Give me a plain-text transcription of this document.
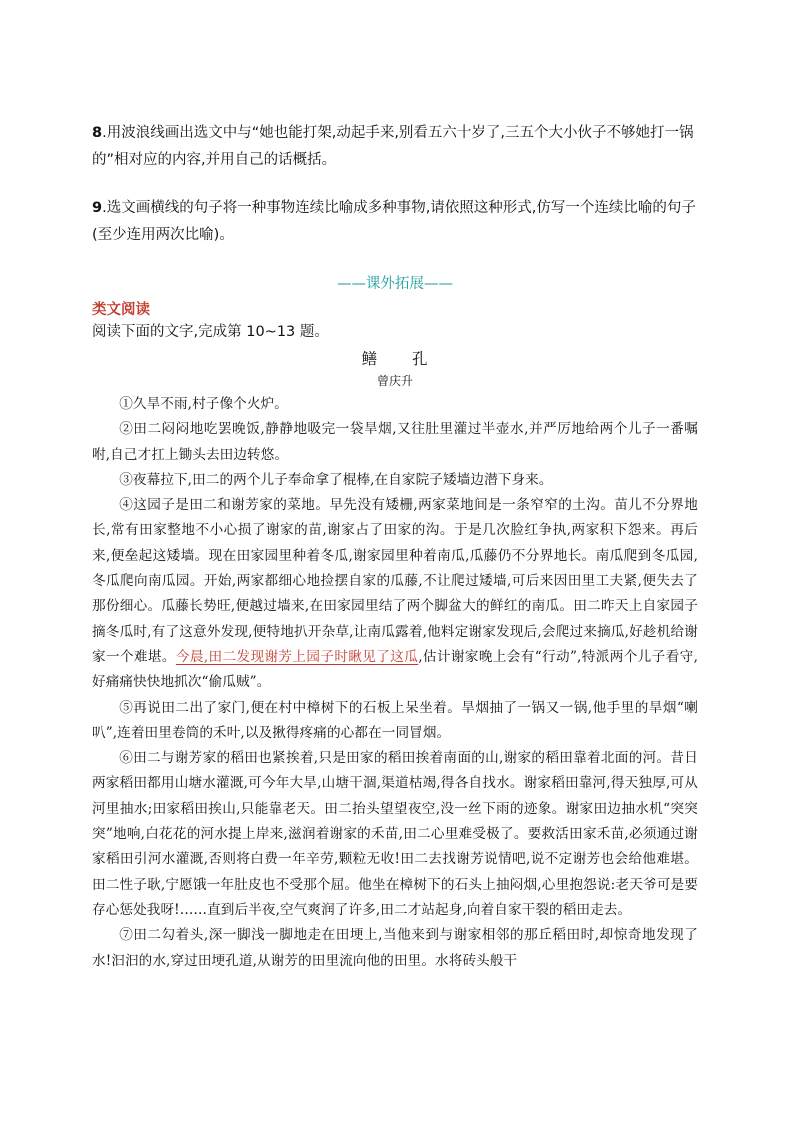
8.用波浪线画出选文中与“她也能打架,动起手来,别看五六十岁了,三五个大小伙子不够她打一锅的”相对应的内容,并用自己的话概括。

9.选文画横线的句子将一种事物连续比喻成多种事物,请依照这种形式,仿写一个连续比喻的句子(至少连用两次比喻)。

——课外拓展——

类文阅读

阅读下面的文字,完成第 10~13 题。

鳝 孔

曾庆升

①久旱不雨,村子像个火炉。

②田二闷闷地吃罢晚饭,静静地吸完一袋旱烟,又往肚里灌过半壶水,并严厉地给两个儿子一番嘱咐,自己才扛上锄头去田边转悠。

③夜幕拉下,田二的两个儿子奉命拿了棍棒,在自家院子矮墙边潜下身来。

④这园子是田二和谢芳家的菜地。早先没有矮栅,两家菜地间是一条窄窄的土沟。苗儿不分界地长,常有田家整地不小心损了谢家的苗,谢家占了田家的沟。于是几次脸红争执,两家积下怨来。再后来,便垒起这矮墙。现在田家园里种着冬瓜,谢家园里种着南瓜,瓜藤仍不分界地长。南瓜爬到冬瓜园,冬瓜爬向南瓜园。开始,两家都细心地捡摆自家的瓜藤,不让爬过矮墙,可后来因田里工夫紧,便失去了那份细心。瓜藤长势旺,便越过墙来,在田家园里结了两个脚盆大的鲜红的南瓜。田二昨天上自家园子摘冬瓜时,有了这意外发现,便特地扒开杂草,让南瓜露着,他料定谢家发现后,会爬过来摘瓜,好趁机给谢家一个难堪。今晨,田二发现谢芳上园子时瞅见了这瓜,估计谢家晚上会有“行动”,特派两个儿子看守,好痛痛快快地抓次“偷瓜贼”。

⑤再说田二出了家门,便在村中樟树下的石板上呆坐着。旱烟抽了一锅又一锅,他手里的旱烟“喇叭”,连着田里卷筒的禾叶,以及揪得疼痛的心都在一同冒烟。

⑥田二与谢芳家的稻田也紧挨着,只是田家的稻田挨着南面的山,谢家的稻田靠着北面的河。昔日两家稻田都用山塘水灌溉,可今年大旱,山塘干涸,渠道枯竭,得各自找水。谢家稻田靠河,得天独厚,可从河里抽水;田家稻田挨山,只能靠老天。田二抬头望望夜空,没一丝下雨的迹象。谢家田边抽水机“突突突”地响,白花花的河水提上岸来,滋润着谢家的禾苗,田二心里难受极了。要救活田家禾苗,必须通过谢家稻田引河水灌溉,否则将白费一年辛劳,颗粒无收!田二去找谢芳说情吧,说不定谢芳也会给他难堪。田二性子耿,宁愿饿一年肚皮也不受那个屈。他坐在樟树下的石头上抽闷烟,心里抱怨说:老天爷可是要存心惩处我呀!……直到后半夜,空气爽润了许多,田二才站起身,向着自家干裂的稻田走去。

⑦田二勾着头,深一脚浅一脚地走在田埂上,当他来到与谢家相邻的那丘稻田时,却惊奇地发现了水!汩汩的水,穿过田埂孔道,从谢芳的田里流向他的田里。水将砖头般干
